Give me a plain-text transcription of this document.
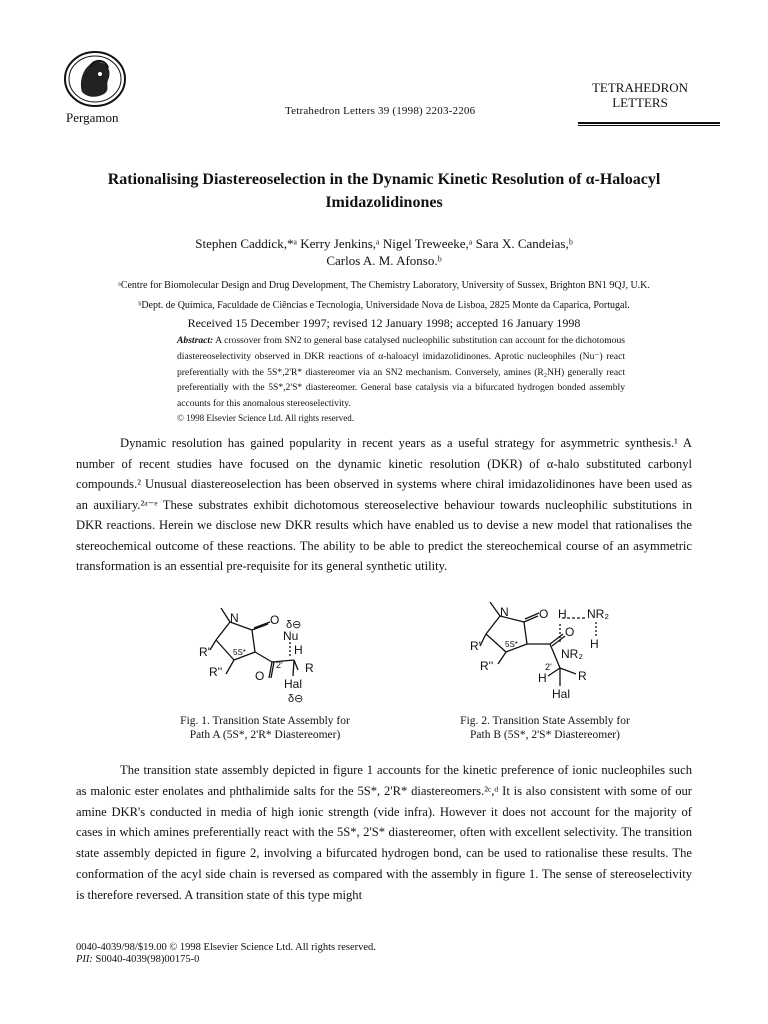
Pergamon	Tetrahedron Letters 39 (1998) 2203-2206
TETRAHEDRON
LETTERS
Rationalising Diastereoselection in the Dynamic Kinetic Resolution of α-Haloacyl Imidazolidinones
Stephen Caddick,*ᵃ Kerry Jenkins,ᵃ Nigel Treweeke,ᵃ Sara X. Candeias,ᵇ
Carlos A. M. Afonso.ᵇ
ᵃCentre for Biomolecular Design and Drug Development, The Chemistry Laboratory, University of Sussex, Brighton BN1 9QJ, U.K.
ᵇDept. de Química, Faculdade de Ciências e Tecnologia, Universidade Nova de Lisboa, 2825 Monte da Caparica, Portugal.
Received 15 December 1997; revised 12 January 1998; accepted 16 January 1998
Abstract: A crossover from SN2 to general base catalysed nucleophilic substitution can account for the dichotomous diastereoselectivity observed in DKR reactions of α-haloacyl imidazolidinones. Aprotic nucleophiles (Nu⁻) react preferentially with the 5S*,2'R* diastereomer via an SN2 mechanism. Conversely, amines (R₂NH) generally react preferentially with the 5S*,2'S* diastereomer. General base catalysis via a bifurcated hydrogen bonded assembly accounts for this anomalous stereoselectivity.
© 1998 Elsevier Science Ltd. All rights reserved.
Dynamic resolution has gained popularity in recent years as a useful strategy for asymmetric synthesis.¹ A number of recent studies have focused on the dynamic kinetic resolution (DKR) of α-halo substituted carbonyl compounds.² Unusual diastereoselection has been observed in systems where chiral imidazolidinones have been used as an auxiliary.²ᵃ⁻ᵉ These substrates exhibit dichotomous stereoselective behaviour towards nucleophilic substitutions in DKR reactions. Herein we disclose new DKR results which have enabled us to devise a new model that rationalises the stereochemical outcome of these reactions. The ability to be able to predict the stereochemical course of an asymmetric transformation is an essential pre-requisite for its general synthetic utility.
N	O δ⊖
Nu
H
R'	5S*
2' R
R''	O
Hal
δ⊖
N	O H NR₂
O
H
R'	5S*
NR₂
R''	2'
R
H
Hal
Fig. 1. Transition State Assembly for
Path A (5S*, 2'R* Diastereomer)
Fig. 2. Transition State Assembly for
Path B (5S*, 2'S* Diastereomer)
The transition state assembly depicted in figure 1 accounts for the kinetic preference of ionic nucleophiles such as malonic ester enolates and phthalimide salts for the 5S*, 2'R* diastereomers.²ᶜ,ᵈ It is also consistent with some of our amine DKR's conducted in media of high ionic strength (vide infra). However it does not account for the majority of cases in which amines preferentially react with the 5S*, 2'S* diastereomer, often with excellent selectivity. The transition state assembly depicted in figure 2, involving a bifurcated hydrogen bond, can be used to rationalise these results. The conformation of the acyl side chain is reversed as compared with the assembly in figure 1. The sense of stereoselectivity is therefore reversed. A transition state of this type might
0040-4039/98/$19.00 © 1998 Elsevier Science Ltd. All rights reserved.
PII: S0040-4039(98)00175-0
